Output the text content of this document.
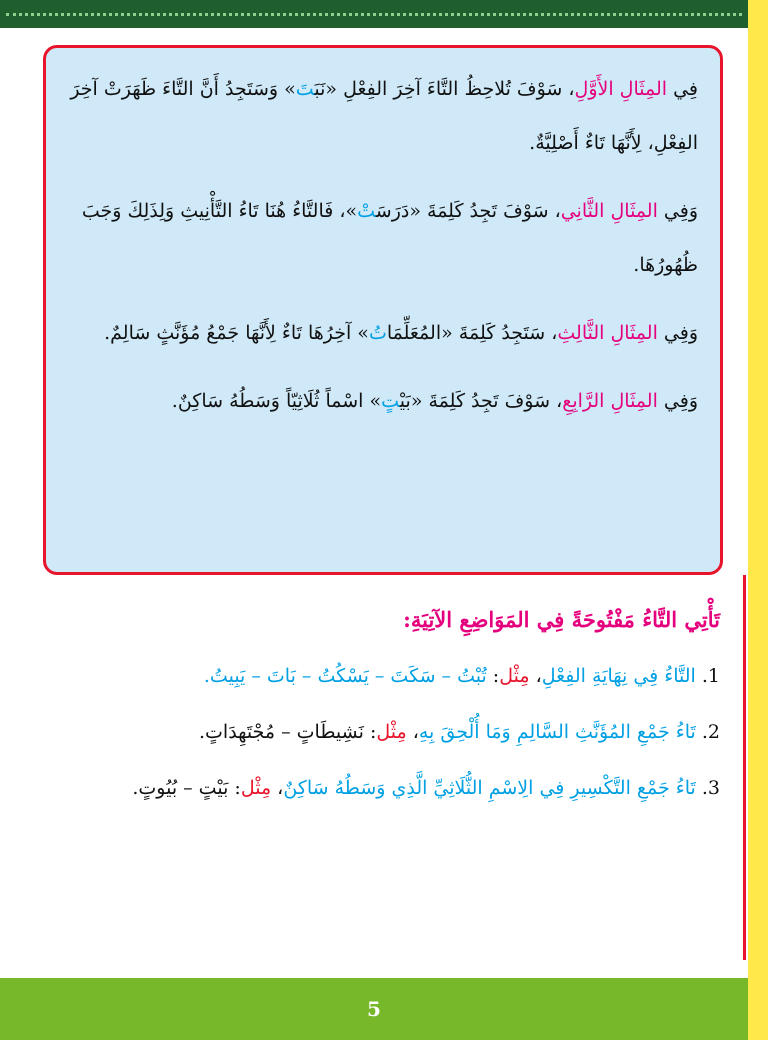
فِي المِثَالِ الأَوَّلِ، سَوْفَ تُلاحِظُ التَّاءَ آخِرَ الفِعْلِ «نَبَتَ» وَسَتَجِدُ أَنَّ التَّاءَ ظَهَرَتْ آخِرَ الفِعْلِ، لِأَنَّهَا تَاءٌ أَصْلِيَّةٌ.

وَفِي المِثَالِ الثَّانِي، سَوْفَ تَجِدُ كَلِمَةَ «دَرَسَتْ»، فَالتَّاءُ هُنَا تَاءُ التَّأْنِيثِ وَلِذَلِكَ وَجَبَ ظُهُورُهَا.

وَفِي المِثَالِ الثَّالِثِ، سَتَجِدُ كَلِمَةَ «المُعَلِّمَاتُ» آخِرُهَا تَاءٌ لِأَنَّهَا جَمْعُ مُؤَنَّثٍ سَالِمٌ.

وَفِي المِثَالِ الرَّابِعِ، سَوْفَ تَجِدُ كَلِمَةَ «بَيْتٍ» اسْماً ثُلَاثِيّاً وَسَطُهُ سَاكِنٌ.

تَأْتِي التَّاءُ مَفْتُوحَةً فِي المَوَاضِعِ الآتِيَةِ:

1. التَّاءُ فِي نِهَايَةِ الفِعْلِ، مِثْل: تُبْتُ – سَكَتَ – يَسْكُتُ – بَاتَ – يَبِيتُ.

2. تَاءُ جَمْعِ المُؤَنَّثِ السَّالِمِ وَمَا أُلْحِقَ بِهِ، مِثْل: نَشِيطَاتٍ – مُجْتَهِدَاتٍ.

3. تَاءُ جَمْعِ التَّكْسِيرِ فِي الِاسْمِ الثُّلَاثِيِّ الَّذِي وَسَطُهُ سَاكِنٌ، مِثْل: بَيْتٍ – بُيُوتٍ.

5
